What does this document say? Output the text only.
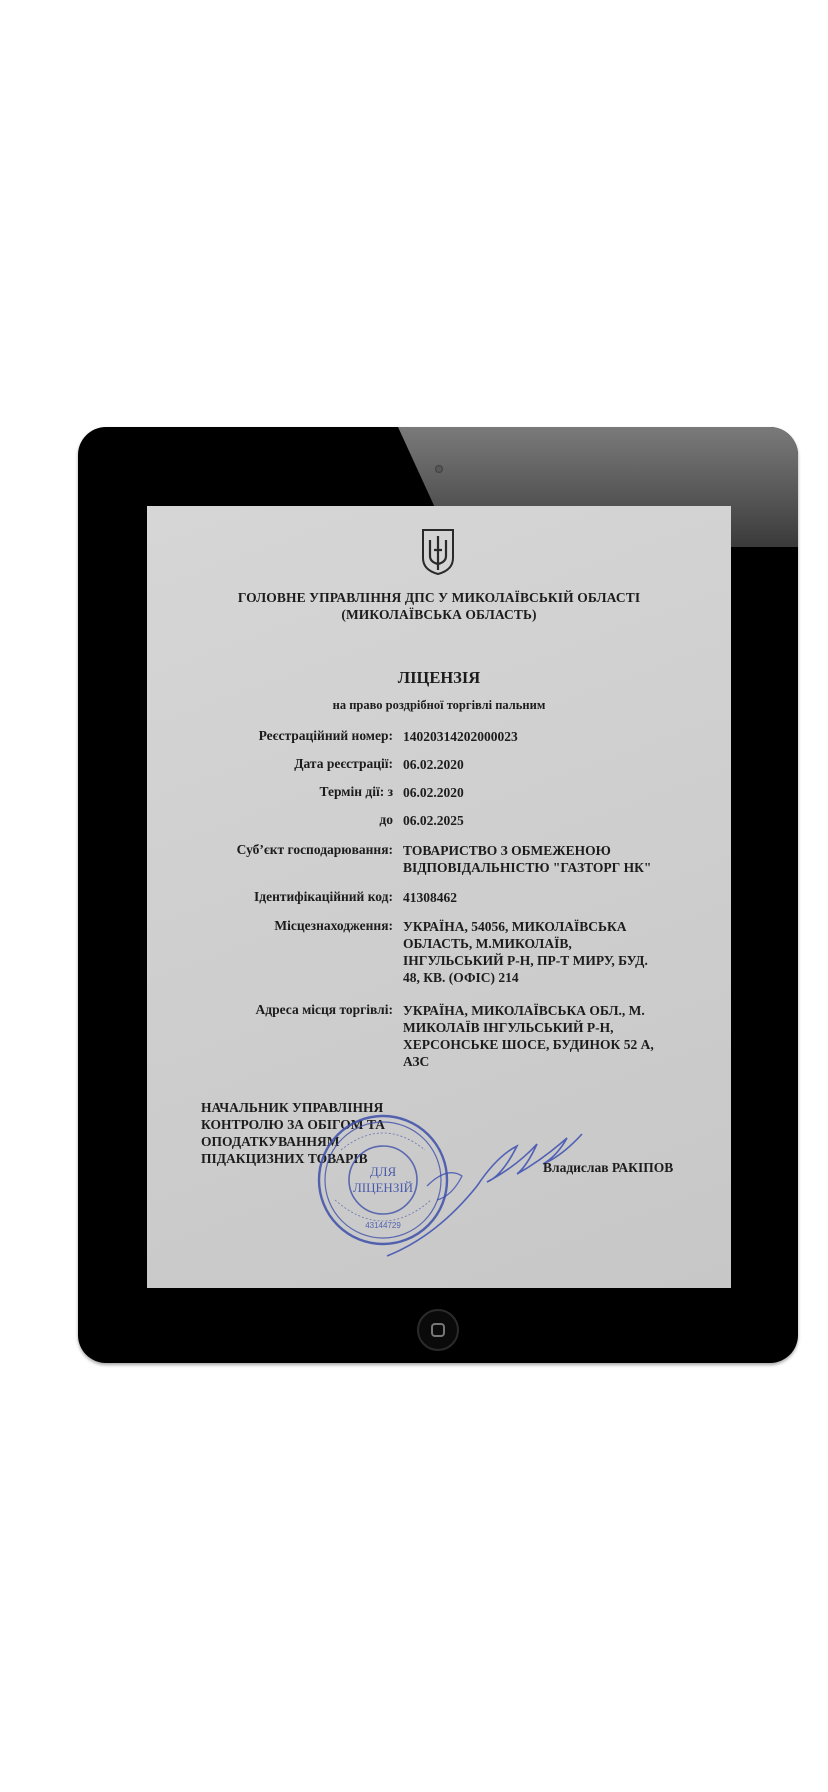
ГОЛОВНЕ УПРАВЛІННЯ ДПС У МИКОЛАЇВСЬКІЙ ОБЛАСТІ
(МИКОЛАЇВСЬКА ОБЛАСТЬ)
ЛІЦЕНЗІЯ
на право роздрібної торгівлі пальним
Реєстраційний номер: 14020314202000023
Дата реєстрації: 06.02.2020
Термін дії: з 06.02.2020
до 06.02.2025
Суб’єкт господарювання: ТОВАРИСТВО З ОБМЕЖЕНОЮ
ВІДПОВІДАЛЬНІСТЮ "ГАЗТОРГ НК"
Ідентифікаційний код: 41308462
Місцезнаходження: УКРАЇНА, 54056, МИКОЛАЇВСЬКА
ОБЛАСТЬ, М.МИКОЛАЇВ,
ІНГУЛЬСЬКИЙ Р-Н, ПР-Т МИРУ, БУД.
48, КВ. (ОФІС) 214
Адреса місця торгівлі: УКРАЇНА, МИКОЛАЇВСЬКА ОБЛ., М.
МИКОЛАЇВ ІНГУЛЬСЬКИЙ Р-Н,
ХЕРСОНСЬКЕ ШОСЕ, БУДИНОК 52 А,
АЗС
НАЧАЛЬНИК УПРАВЛІННЯ
КОНТРОЛЮ ЗА ОБІГОМ ТА
ОПОДАТКУВАННЯМ
ПІДАКЦИЗНИХ ТОВАРІВ
ДЛЯ
ЛІЦЕНЗІЙ
43144729
Владислав РАКІПОВ
